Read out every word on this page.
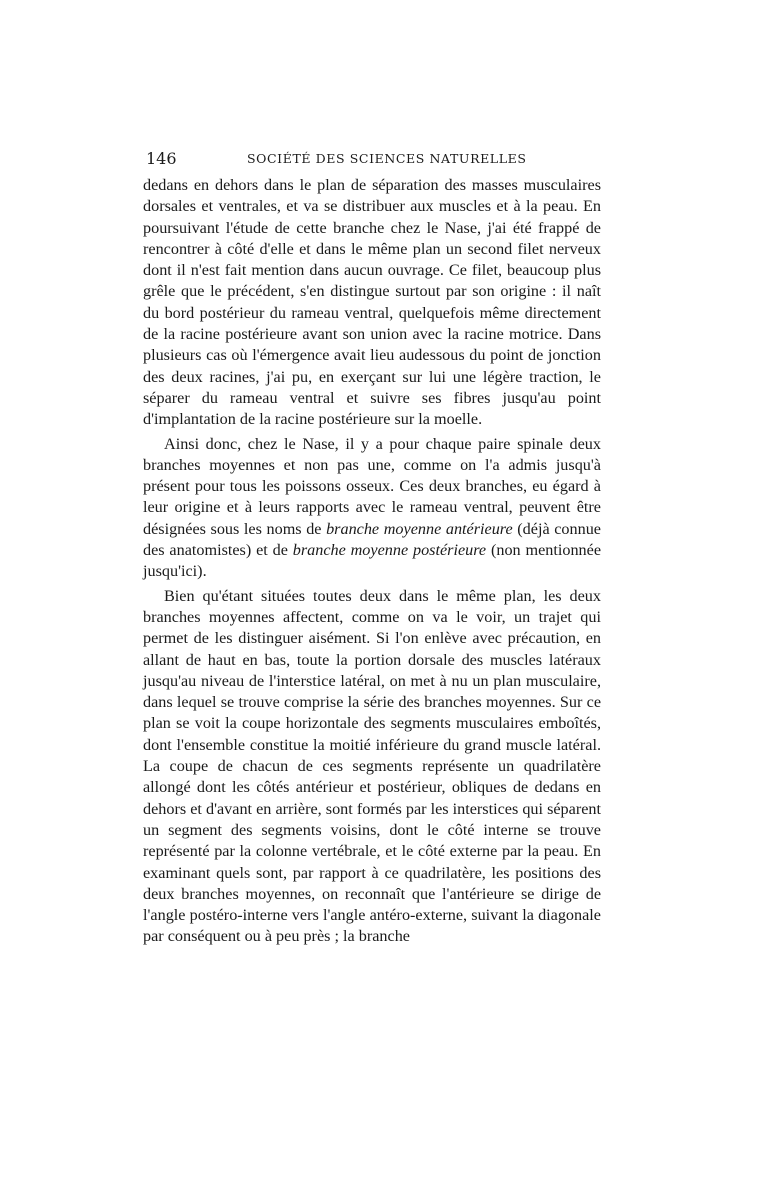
146	SOCIÉTÉ DES SCIENCES NATURELLES

dedans en dehors dans le plan de séparation des masses musculaires dorsales et ventrales, et va se distribuer aux muscles et à la peau. En poursuivant l'étude de cette branche chez le Nase, j'ai été frappé de rencontrer à côté d'elle et dans le même plan un second filet nerveux dont il n'est fait mention dans aucun ouvrage. Ce filet, beaucoup plus grêle que le précédent, s'en distingue surtout par son origine : il naît du bord postérieur du rameau ventral, quelquefois même directement de la racine postérieure avant son union avec la racine motrice. Dans plusieurs cas où l'émergence avait lieu audessous du point de jonction des deux racines, j'ai pu, en exerçant sur lui une légère traction, le séparer du rameau ventral et suivre ses fibres jusqu'au point d'implantation de la racine postérieure sur la moelle.

Ainsi donc, chez le Nase, il y a pour chaque paire spinale deux branches moyennes et non pas une, comme on l'a admis jusqu'à présent pour tous les poissons osseux. Ces deux branches, eu égard à leur origine et à leurs rapports avec le rameau ventral, peuvent être désignées sous les noms de branche moyenne antérieure (déjà connue des anatomistes) et de branche moyenne postérieure (non mentionnée jusqu'ici).

Bien qu'étant situées toutes deux dans le même plan, les deux branches moyennes affectent, comme on va le voir, un trajet qui permet de les distinguer aisément. Si l'on enlève avec précaution, en allant de haut en bas, toute la portion dorsale des muscles latéraux jusqu'au niveau de l'interstice latéral, on met à nu un plan musculaire, dans lequel se trouve comprise la série des branches moyennes. Sur ce plan se voit la coupe horizontale des segments musculaires emboîtés, dont l'ensemble constitue la moitié inférieure du grand muscle latéral. La coupe de chacun de ces segments représente un quadrilatère allongé dont les côtés antérieur et postérieur, obliques de dedans en dehors et d'avant en arrière, sont formés par les interstices qui séparent un segment des segments voisins, dont le côté interne se trouve représenté par la colonne vertébrale, et le côté externe par la peau. En examinant quels sont, par rapport à ce quadrilatère, les positions des deux branches moyennes, on reconnaît que l'antérieure se dirige de l'angle postéro-interne vers l'angle antéro-externe, suivant la diagonale par conséquent ou à peu près ; la branche
